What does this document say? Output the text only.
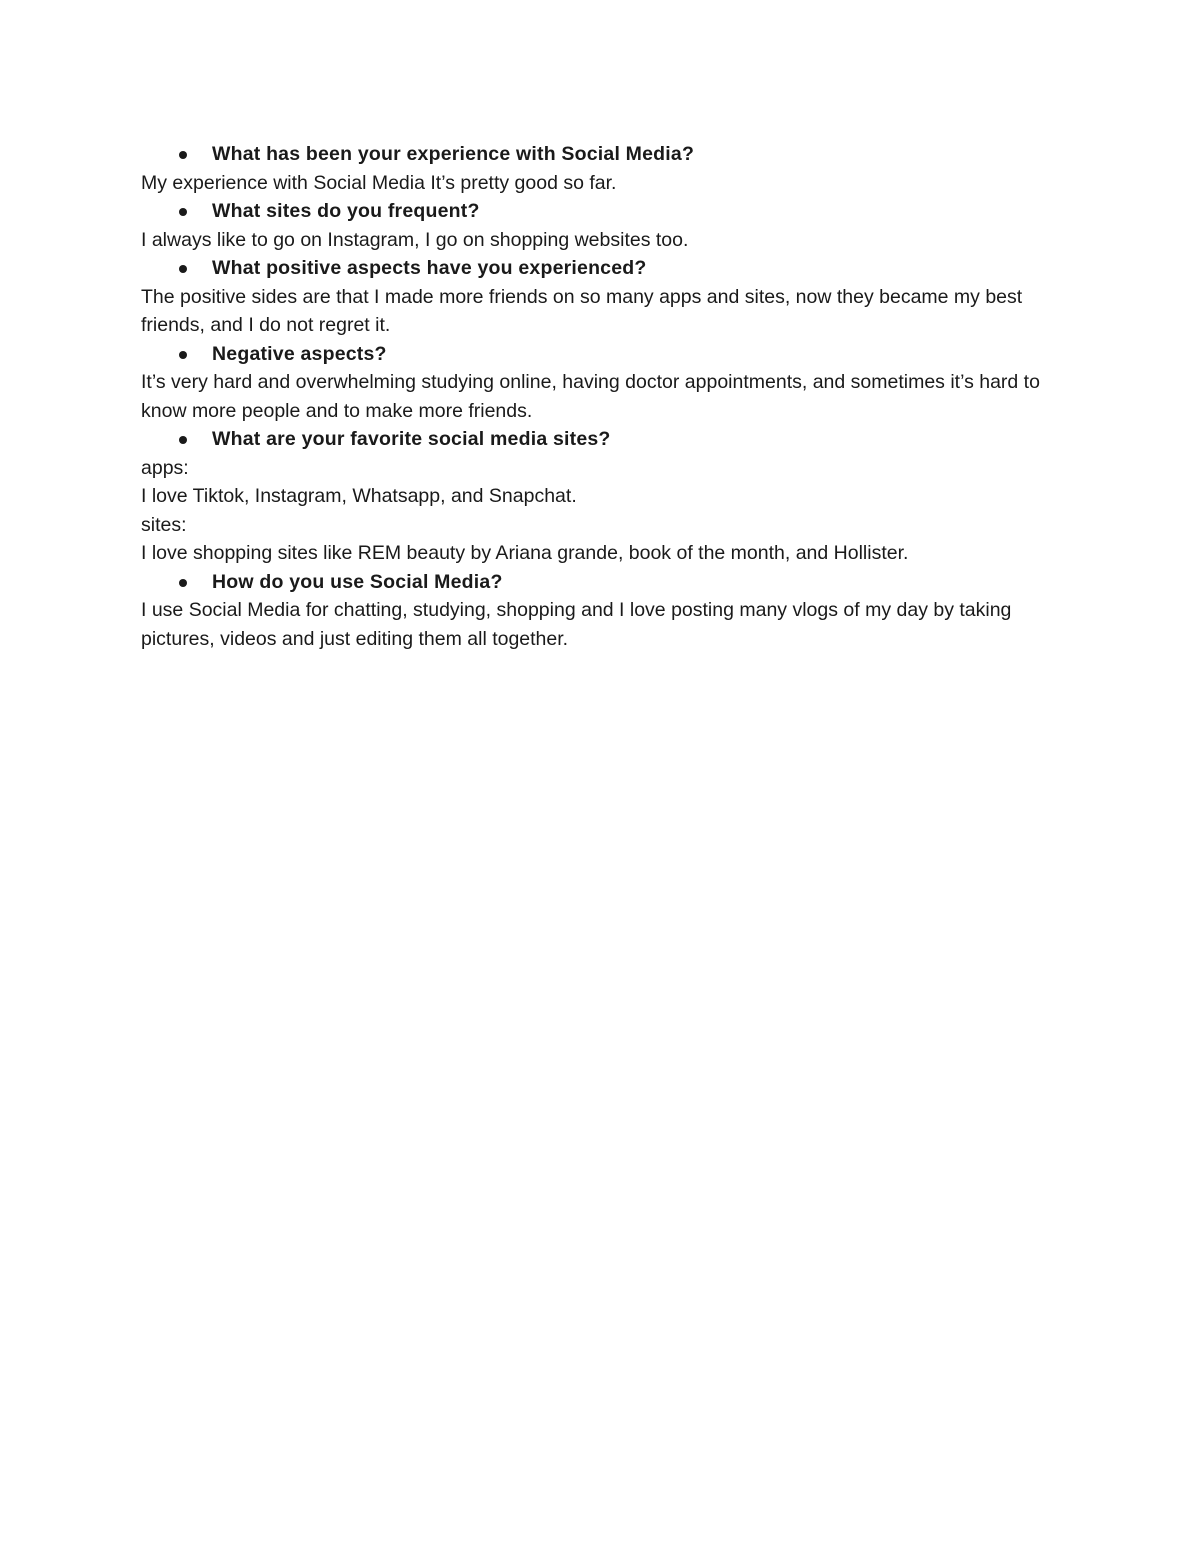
What has been your experience with Social Media?
My experience with Social Media It’s pretty good so far.
What sites do you frequent?
I always like to go on Instagram, I go on shopping websites too.
What positive aspects have you experienced?
The positive sides are that I made more friends on so many apps and sites, now they became my best friends, and I do not regret it.
Negative aspects?
It’s very hard and overwhelming studying online, having doctor appointments, and sometimes it’s hard to know more people and to make more friends.
What are your favorite social media sites?
apps:
I love Tiktok, Instagram, Whatsapp, and Snapchat.
sites:
I love shopping sites like REM beauty by Ariana grande, book of the month, and Hollister.
How do you use Social Media?
I use Social Media for chatting, studying, shopping and I love posting many vlogs of my day by taking pictures, videos and just editing them all together.
